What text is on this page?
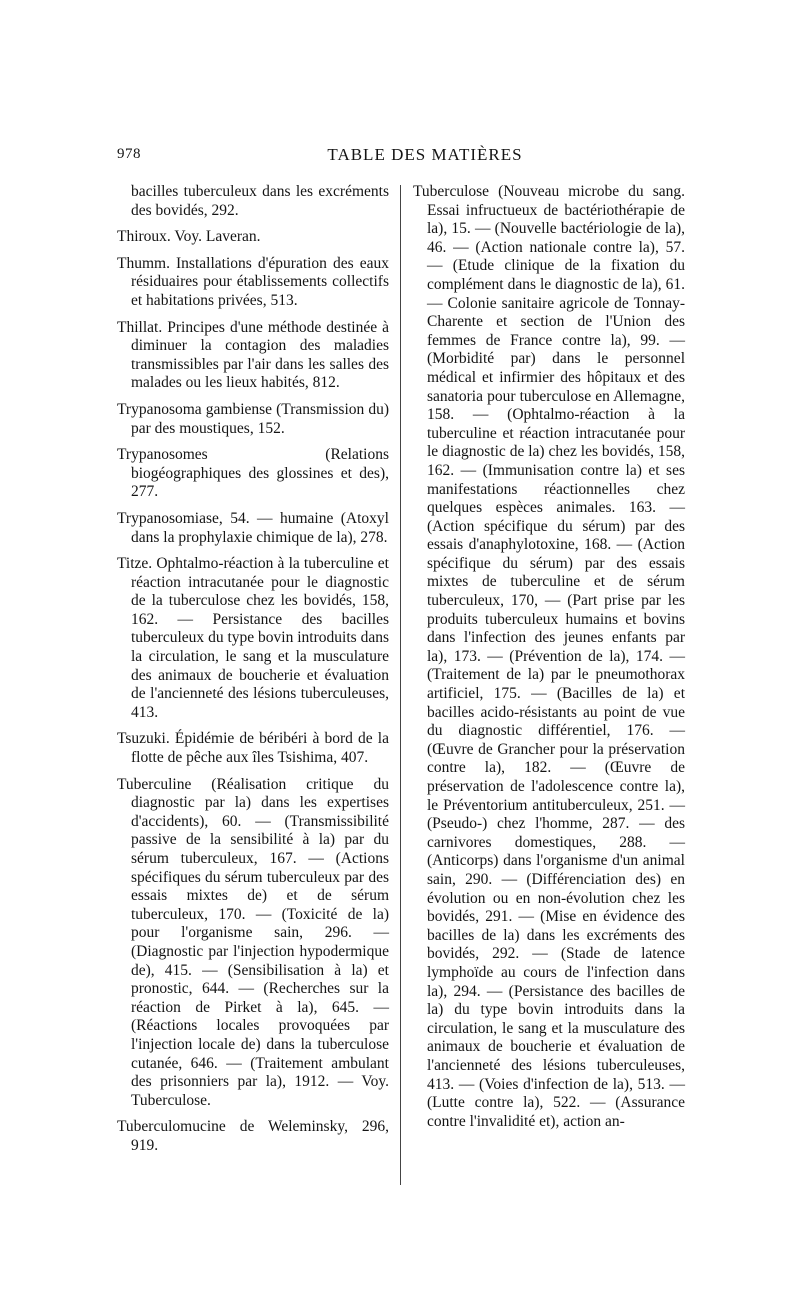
978	TABLE DES MATIÈRES

bacilles tuberculeux dans les excréments des bovidés, 292.

Thiroux. Voy. Laveran.

Thumm. Installations d'épuration des eaux résiduaires pour établissements collectifs et habitations privées, 513.

Thillat. Principes d'une méthode destinée à diminuer la contagion des maladies transmissibles par l'air dans les salles des malades ou les lieux habités, 812.

Trypanosoma gambiense (Transmission du) par des moustiques, 152.

Trypanosomes (Relations biogéographiques des glossines et des), 277.

Trypanosomiase, 54. — humaine (Atoxyl dans la prophylaxie chimique de la), 278.

Titze. Ophtalmo-réaction à la tuberculine et réaction intracutanée pour le diagnostic de la tuberculose chez les bovidés, 158, 162. — Persistance des bacilles tuberculeux du type bovin introduits dans la circulation, le sang et la musculature des animaux de boucherie et évaluation de l'ancienneté des lésions tuberculeuses, 413.

Tsuzuki. Épidémie de béribéri à bord de la flotte de pêche aux îles Tsishima, 407.

Tuberculine (Réalisation critique du diagnostic par la) dans les expertises d'accidents), 60. — (Transmissibilité passive de la sensibilité à la) par du sérum tuberculeux, 167. — (Actions spécifiques du sérum tuberculeux par des essais mixtes de) et de sérum tuberculeux, 170. — (Toxicité de la) pour l'organisme sain, 296. — (Diagnostic par l'injection hypodermique de), 415. — (Sensibilisation à la) et pronostic, 644. — (Recherches sur la réaction de Pirket à la), 645. — (Réactions locales provoquées par l'injection locale de) dans la tuberculose cutanée, 646. — (Traitement ambulant des prisonniers par la), 1912. — Voy. Tuberculose.

Tuberculomucine de Weleminsky, 296, 919.

Tuberculose (Nouveau microbe du sang. Essai infructueux de bactériothérapie de la), 15. — (Nouvelle bactériologie de la), 46. — (Action nationale contre la), 57. — (Etude clinique de la fixation du complément dans le diagnostic de la), 61. — Colonie sanitaire agricole de Tonnay-Charente et section de l'Union des femmes de France contre la), 99. — (Morbidité par) dans le personnel médical et infirmier des hôpitaux et des sanatoria pour tuberculose en Allemagne, 158. — (Ophtalmo-réaction à la tuberculine et réaction intracutanée pour le diagnostic de la) chez les bovidés, 158, 162. — (Immunisation contre la) et ses manifestations réactionnelles chez quelques espèces animales. 163. — (Action spécifique du sérum) par des essais d'anaphylotoxine, 168. — (Action spécifique du sérum) par des essais mixtes de tuberculine et de sérum tuberculeux, 170, — (Part prise par les produits tuberculeux humains et bovins dans l'infection des jeunes enfants par la), 173. — (Prévention de la), 174. — (Traitement de la) par le pneumothorax artificiel, 175. — (Bacilles de la) et bacilles acido-résistants au point de vue du diagnostic différentiel, 176. — (Œuvre de Grancher pour la préservation contre la), 182. — (Œuvre de préservation de l'adolescence contre la), le Préventorium antituberculeux, 251. — (Pseudo-) chez l'homme, 287. — des carnivores domestiques, 288. — (Anticorps) dans l'organisme d'un animal sain, 290. — (Différenciation des) en évolution ou en non-évolution chez les bovidés, 291. — (Mise en évidence des bacilles de la) dans les excréments des bovidés, 292. — (Stade de latence lymphoïde au cours de l'infection dans la), 294. — (Persistance des bacilles de la) du type bovin introduits dans la circulation, le sang et la musculature des animaux de boucherie et évaluation de l'ancienneté des lésions tuberculeuses, 413. — (Voies d'infection de la), 513. — (Lutte contre la), 522. — (Assurance contre l'invalidité et), action an-
